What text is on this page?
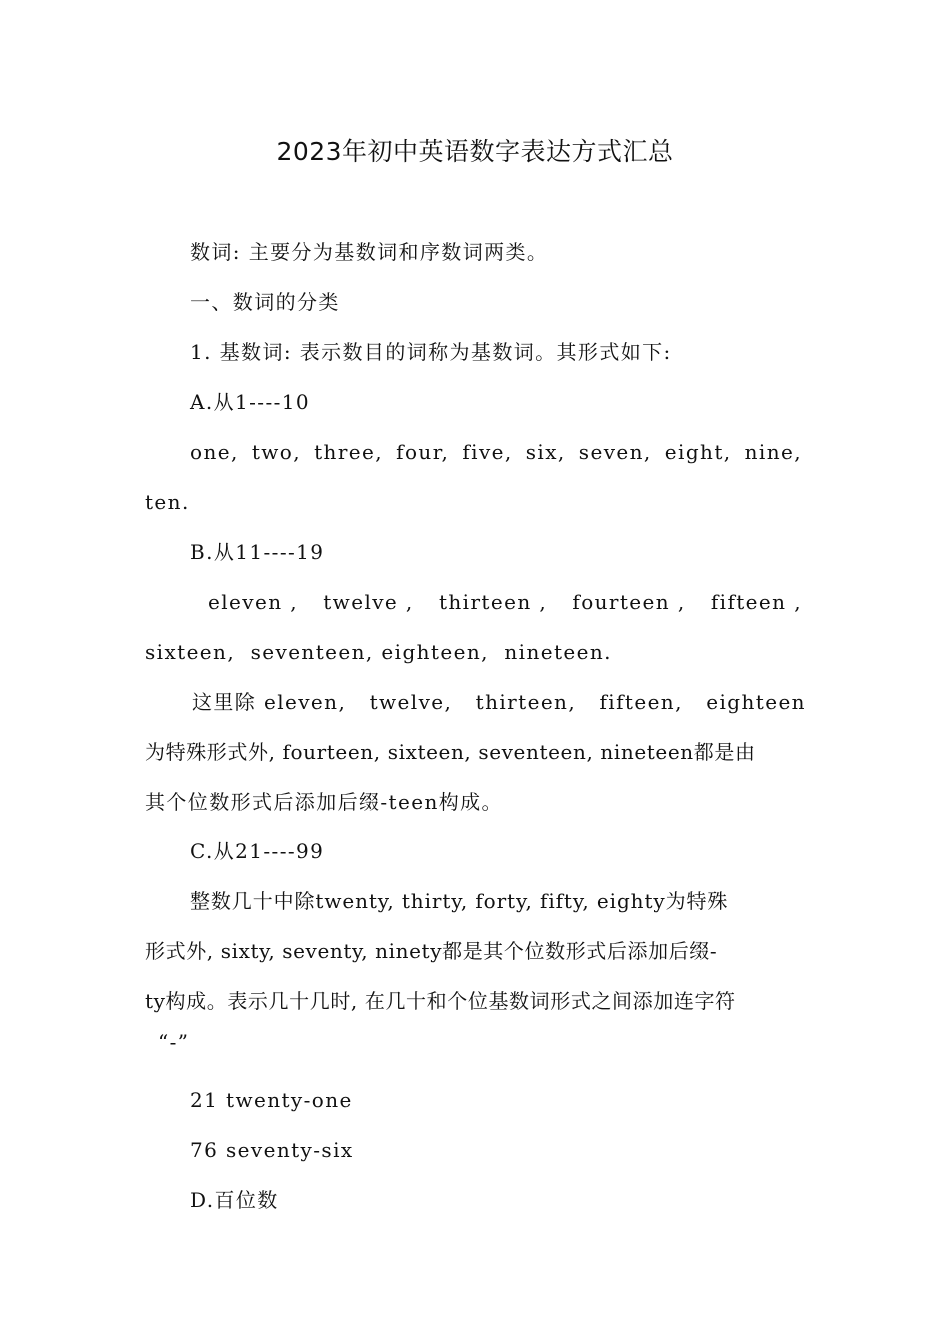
2023年初中英语数字表达方式汇总
数词: 主要分为基数词和序数词两类。
一、数词的分类
1. 基数词: 表示数目的词称为基数词。其形式如下:
A.从1----10
one, two, three, four, five, six, seven, eight, nine,
ten.
B.从11----19
eleven , twelve , thirteen , fourteen , fifteen ,
sixteen,  seventeen, eighteen,  nineteen.
这里除 eleven, twelve, thirteen, fifteen, eighteen
为特殊形式外, fourteen, sixteen, seventeen, nineteen都是由
其个位数形式后添加后缀-teen构成。
C.从21----99
整数几十中除twenty, thirty, forty, fifty, eighty为特殊
形式外, sixty, seventy, ninety都是其个位数形式后添加后缀-
ty构成。表示几十几时, 在几十和个位基数词形式之间添加连字符
“-”
21 twenty-one
76 seventy-six
D.百位数
